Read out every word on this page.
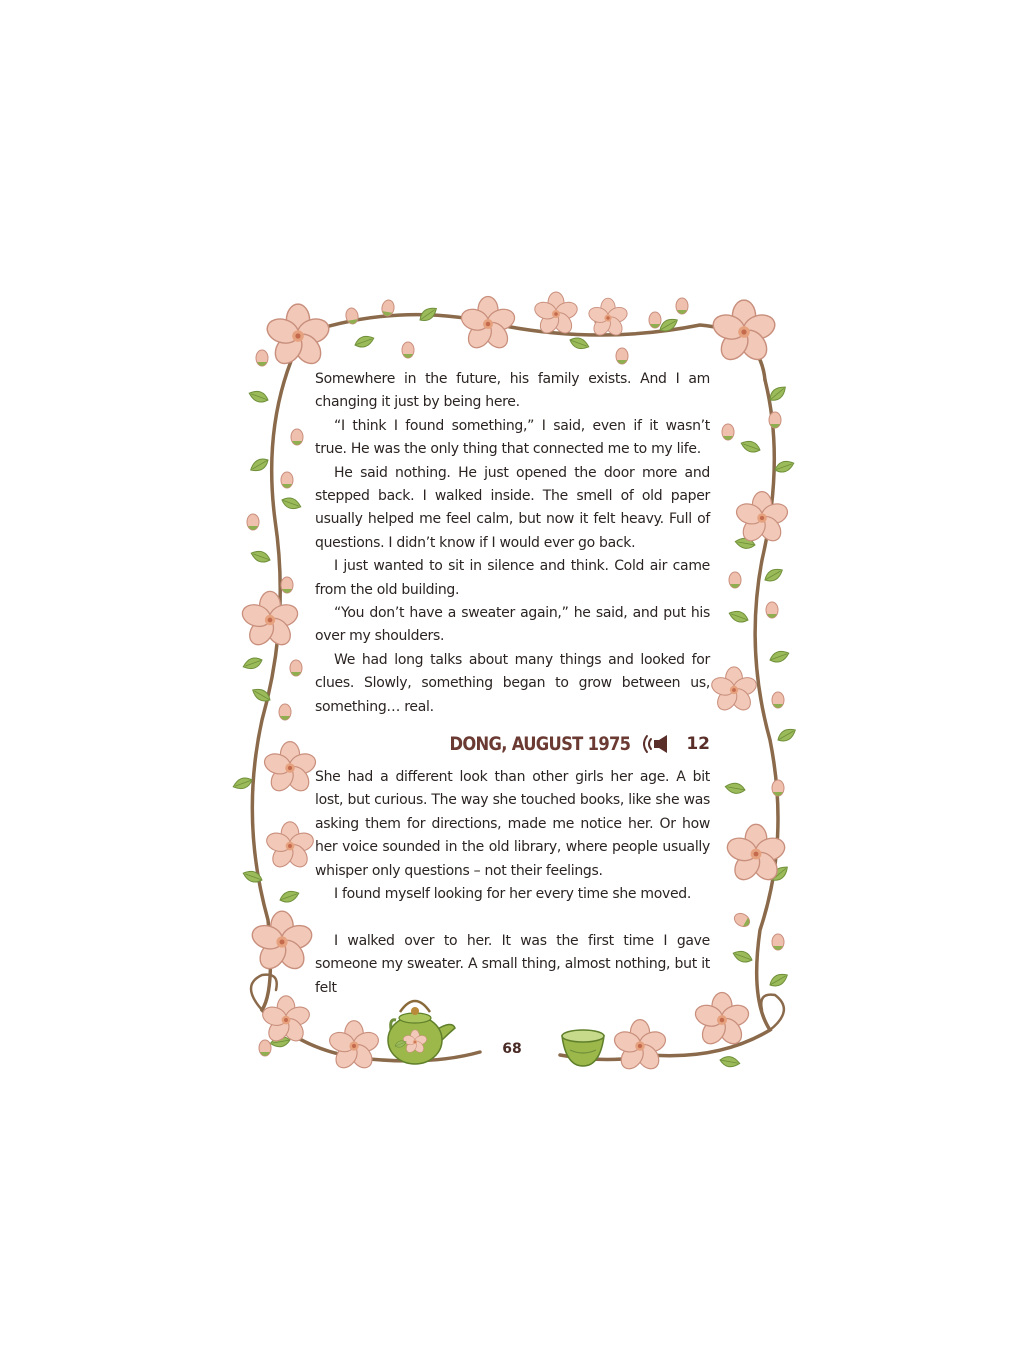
Somewhere in the future, his family exists. And I am changing it just by being here.

“I think I found something,” I said, even if it wasn’t true. He was the only thing that connected me to my life.

He said nothing. He just opened the door more and stepped back. I walked inside. The smell of old paper usually helped me feel calm, but now it felt heavy. Full of questions. I didn’t know if I would ever go back.

I just wanted to sit in silence and think. Cold air came from the old building.

“You don’t have a sweater again,” he said, and put his over my shoulders.

We had long talks about many things and looked for clues. Slowly, something began to grow between us, something… real.

DONG, AUGUST 1975	12

She had a different look than other girls her age. A bit lost, but curious. The way she touched books, like she was asking them for directions, made me notice her. Or how her voice sounded in the old library, where people usually whisper only questions – not their feelings.

I found myself looking for her every time she moved.

I walked over to her. It was the first time I gave someone my sweater. A small thing, almost nothing, but it felt

68
